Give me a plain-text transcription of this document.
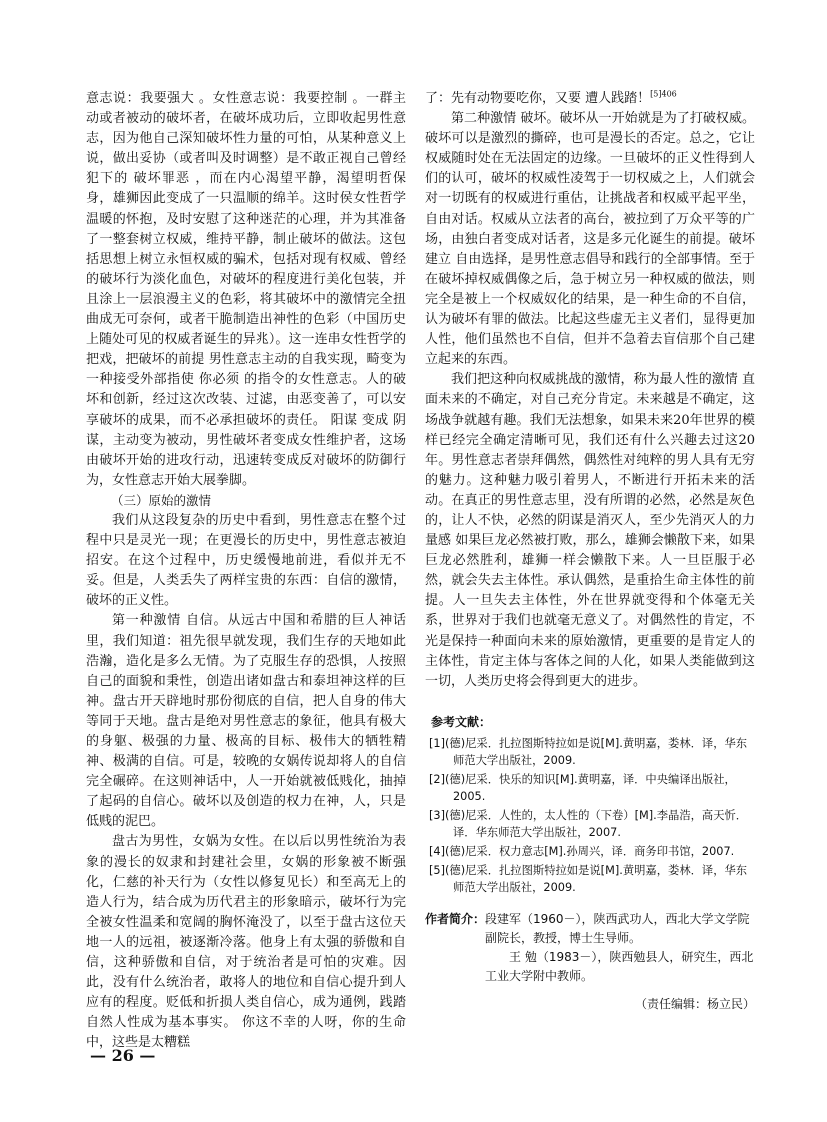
意志说：我要强大 。女性意志说：我要控制 。一群主动或者被动的破坏者，在破坏成功后，立即收起男性意志，因为他自己深知破坏性力量的可怕，从某种意义上说，做出妥协（或者叫及时调整）是不敢正视自己曾经犯下的 破坏罪恶 ，而在内心渴望平静，渴望明哲保身，雄狮因此变成了一只温顺的绵羊。这时侯女性哲学温暖的怀抱，及时安慰了这种迷茫的心理，并为其准备了一整套树立权威，维持平静，制止破坏的做法。这包括思想上树立永恒权威的骗术，包括对现有权威、曾经的破坏行为淡化血色，对破坏的程度进行美化包装，并且涂上一层浪漫主义的色彩，将其破坏中的激情完全扭曲成无可奈何，或者干脆制造出神性的色彩（中国历史上随处可见的权威者诞生的异兆）。这一连串女性哲学的把戏，把破坏的前提 男性意志主动的自我实现，畸变为一种接受外部指使 你必须 的指令的女性意志。人的破坏和创新，经过这次改装、过滤，由恶变善了，可以安享破坏的成果，而不必承担破坏的责任。 阳谋 变成 阴谋，主动变为被动，男性破坏者变成女性维护者，这场由破坏开始的进攻行动，迅速转变成反对破坏的防御行为，女性意志开始大展拳脚。

（三）原始的激情

我们从这段复杂的历史中看到，男性意志在整个过程中只是灵光一现；在更漫长的历史中，男性意志被迫招安。在这个过程中，历史缓慢地前进，看似并无不妥。但是，人类丢失了两样宝贵的东西：自信的激情，破坏的正义性。

第一种激情 自信。从远古中国和希腊的巨人神话里，我们知道：祖先很早就发现，我们生存的天地如此浩瀚，造化是多么无情。为了克服生存的恐惧，人按照自己的面貌和秉性，创造出诸如盘古和泰坦神这样的巨神。盘古开天辟地时那份彻底的自信，把人自身的伟大等同于天地。盘古是绝对男性意志的象征，他具有极大的身躯、极强的力量、极高的目标、极伟大的牺牲精神、极满的自信。可是，较晚的女娲传说却将人的自信完全碾碎。在这则神话中，人一开始就被低贱化，抽掉了起码的自信心。破坏以及创造的权力在神，人，只是低贱的泥巴。

盘古为男性，女娲为女性。在以后以男性统治为表象的漫长的奴隶和封建社会里，女娲的形象被不断强化，仁慈的补天行为（女性以修复见长）和至高无上的造人行为，结合成为历代君主的形象暗示，破坏行为完全被女性温柔和宽阔的胸怀淹没了，以至于盘古这位天地一人的远祖，被逐渐冷落。他身上有太强的骄傲和自信，这种骄傲和自信，对于统治者是可怕的灾难。因此，没有什么统治者，敢将人的地位和自信心提升到人应有的程度。贬低和折损人类自信心，成为通例，践踏自然人性成为基本事实。 你这不幸的人呀，你的生命中，这些是太糟糕

了：先有动物要吃你，又要 遭人践踏！$^{[5]406}$

第二种激情 破坏。破坏从一开始就是为了打破权威。破坏可以是激烈的撕碎，也可是漫长的否定。总之，它让权威随时处在无法固定的边缘。一旦破坏的正义性得到人们的认可，破坏的权威性凌驾于一切权威之上，人们就会对一切既有的权威进行重估，让挑战者和权威平起平坐，自由对话。权威从立法者的高台，被拉到了万众平等的广场，由独白者变成对话者，这是多元化诞生的前提。破坏 建立 自由选择，是男性意志倡导和践行的全部事情。至于在破坏掉权威偶像之后，急于树立另一种权威的做法，则完全是被上一个权威奴化的结果，是一种生命的不自信，认为破坏有罪的做法。比起这些虚无主义者们，显得更加人性，他们虽然也不自信，但并不急着去盲信那个自己建立起来的东西。

我们把这种向权威挑战的激情，称为最人性的激情 直面未来的不确定，对自己充分肯定。未来越是不确定，这场战争就越有趣。我们无法想象，如果未来20年世界的模样已经完全确定清晰可见，我们还有什么兴趣去过这20年。男性意志者崇拜偶然，偶然性对纯粹的男人具有无穷的魅力。这种魅力吸引着男人，不断进行开拓未来的活动。在真正的男性意志里，没有所谓的必然，必然是灰色的，让人不快，必然的阴谋是消灭人，至少先消灭人的力量感 如果巨龙必然被打败，那么，雄狮会懒散下来，如果巨龙必然胜利，雄狮一样会懒散下来。人一旦臣服于必然，就会失去主体性。承认偶然，是重拾生命主体性的前提。人一旦失去主体性，外在世界就变得和个体毫无关系，世界对于我们也就毫无意义了。对偶然性的肯定，不光是保持一种面向未来的原始激情，更重要的是肯定人的主体性，肯定主体与客体之间的人化，如果人类能做到这一切，人类历史将会得到更大的进步。

参考文献：
[1](德)尼采．扎拉图斯特拉如是说[M].黄明嘉，娄林．译，华东师范大学出版社，2009.
[2](德)尼采．快乐的知识[M].黄明嘉，译．中央编译出版社，2005.
[3](德)尼采．人性的，太人性的（下卷）[M].李晶浩，高天忻．译．华东师范大学出版社，2007.
[4](德)尼采．权力意志[M].孙周兴，译．商务印书馆，2007.
[5](德)尼采．扎拉图斯特拉如是说[M].黄明嘉，娄林．译，华东师范大学出版社，2009.
作者简介： 段建军（1960－），陕西武功人，西北大学文学院副院长，教授，博士生导师。
王 勉（1983－），陕西勉县人，研究生，西北工业大学附中教师。
（责任编辑：杨立民）
— 26 —
